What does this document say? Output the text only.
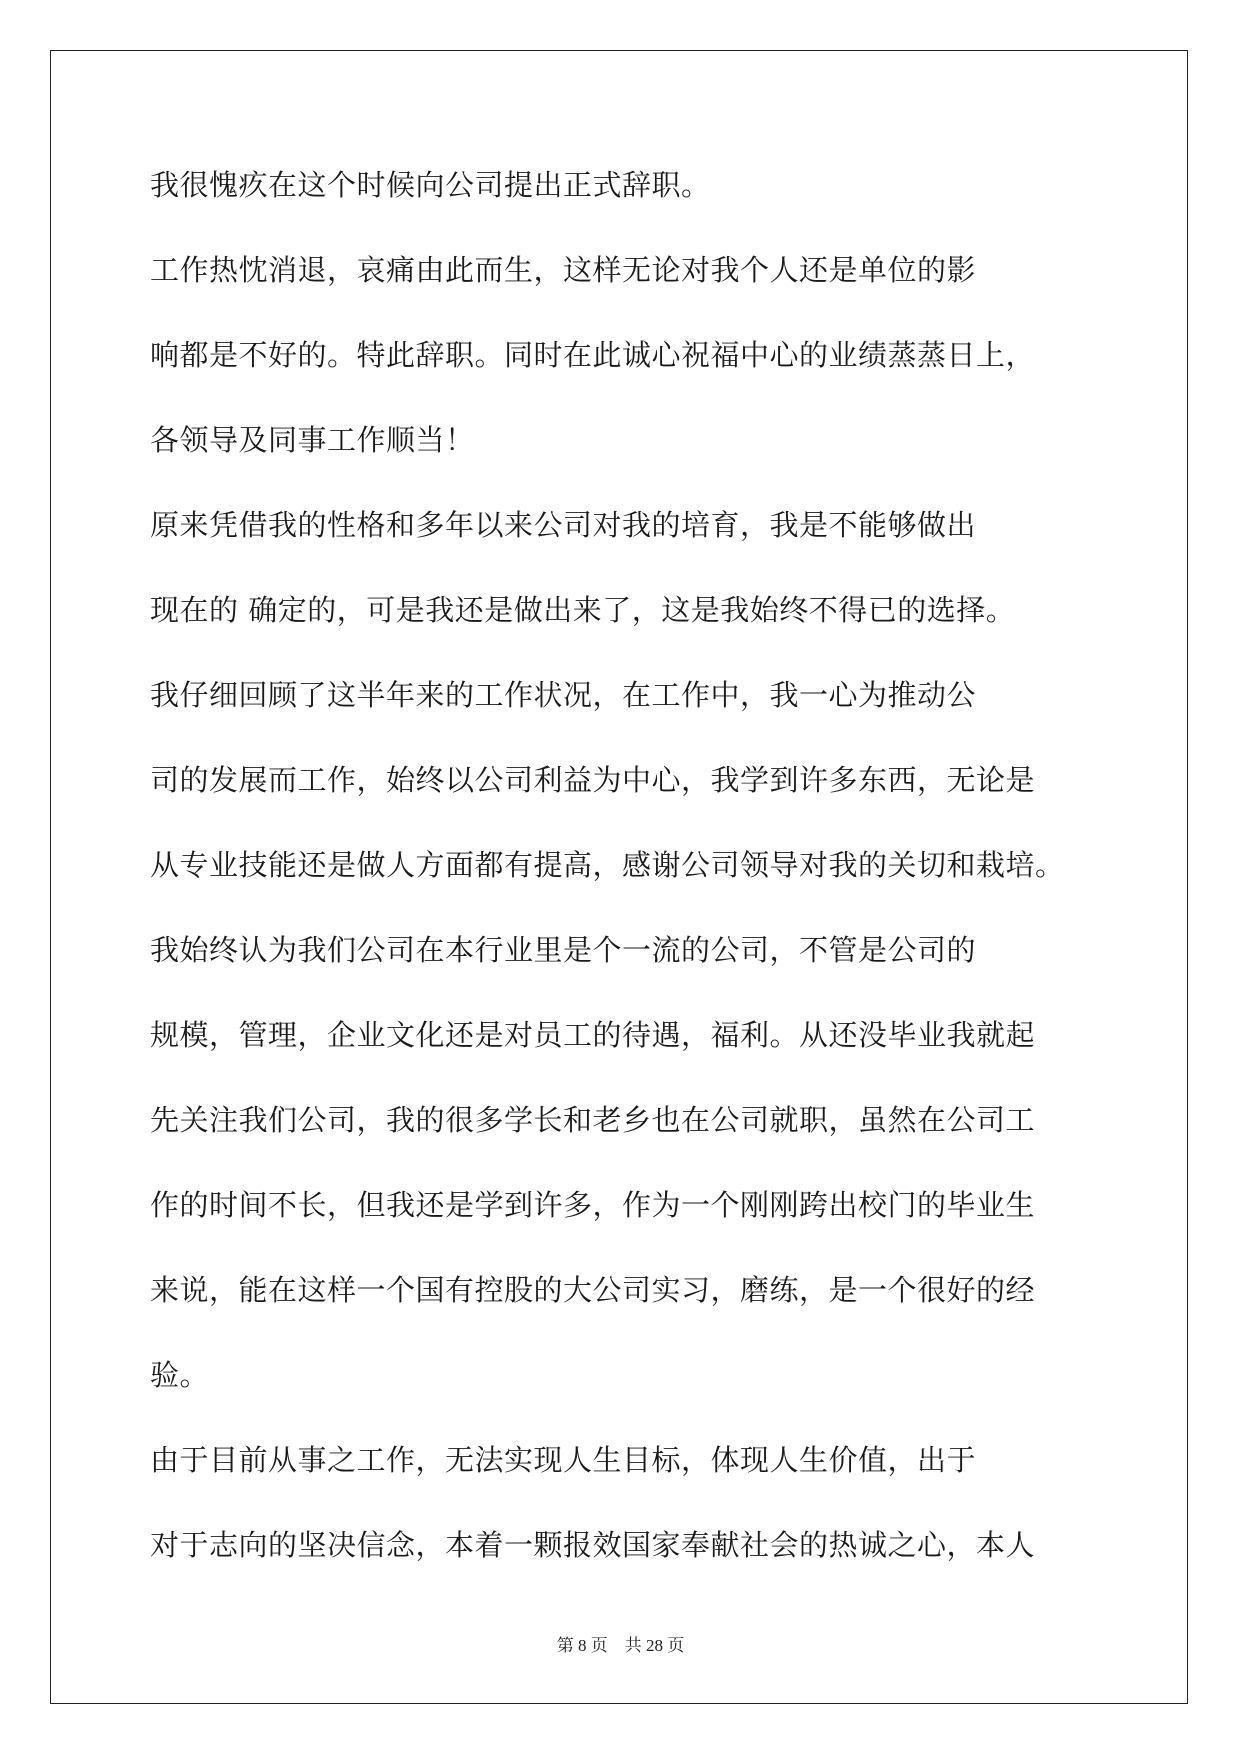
我很愧疚在这个时候向公司提出正式辞职。
工作热忱消退，哀痛由此而生，这样无论对我个人还是单位的影
响都是不好的。特此辞职。同时在此诚心祝福中心的业绩蒸蒸日上，
各领导及同事工作顺当！
原来凭借我的性格和多年以来公司对我的培育，我是不能够做出
现在的 确定的，可是我还是做出来了，这是我始终不得已的选择。
我仔细回顾了这半年来的工作状况，在工作中，我一心为推动公
司的发展而工作，始终以公司利益为中心，我学到许多东西，无论是
从专业技能还是做人方面都有提高，感谢公司领导对我的关切和栽培。
我始终认为我们公司在本行业里是个一流的公司，不管是公司的
规模，管理，企业文化还是对员工的待遇，福利。从还没毕业我就起
先关注我们公司，我的很多学长和老乡也在公司就职，虽然在公司工
作的时间不长，但我还是学到许多，作为一个刚刚跨出校门的毕业生
来说，能在这样一个国有控股的大公司实习，磨练，是一个很好的经
验。
由于目前从事之工作，无法实现人生目标，体现人生价值，出于
对于志向的坚决信念，本着一颗报效国家奉献社会的热诚之心，本人
第 8 页 共 28 页
